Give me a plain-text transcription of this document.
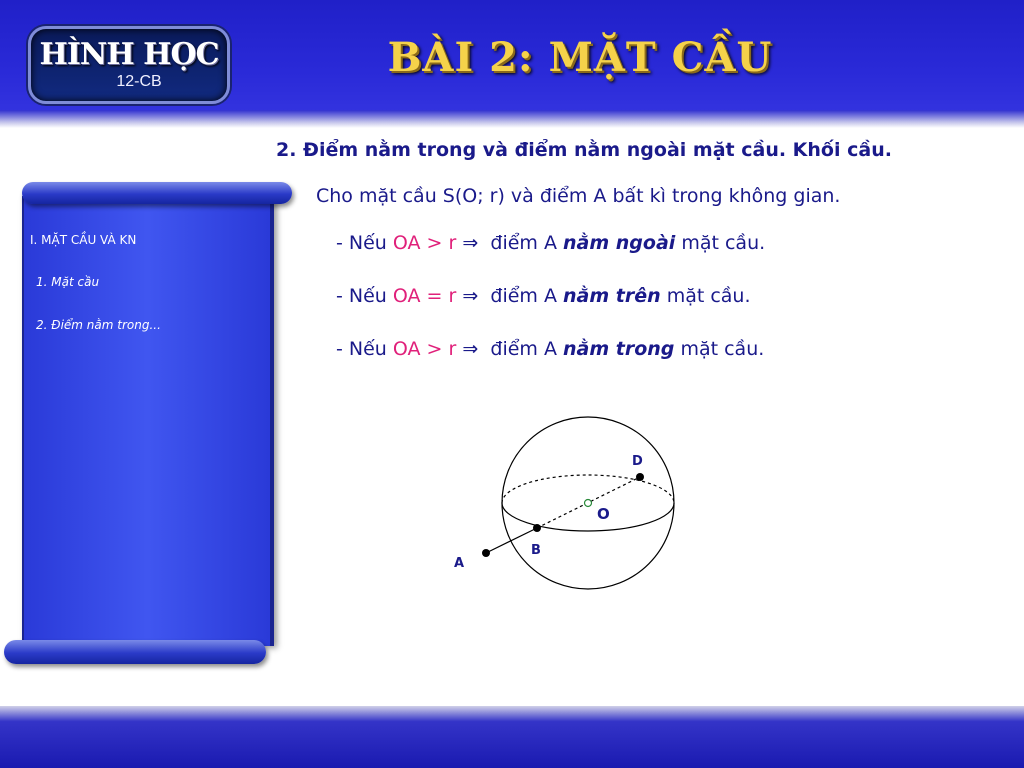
HÌNH HỌC
12-CB
BÀI 2: MẶT CẦU
I. MẶT CẦU VÀ KN
1. Mặt cầu
2. Điểm nằm trong...
2. Điểm nằm trong và điểm nằm ngoài mặt cầu. Khối cầu.
Cho mặt cầu S(O; r) và điểm A bất kì trong không gian.
- Nếu OA > r ⇒ điểm A nằm ngoài mặt cầu.
- Nếu OA = r ⇒ điểm A nằm trên mặt cầu.
- Nếu OA > r ⇒ điểm A nằm trong mặt cầu.
D
O
B
A
